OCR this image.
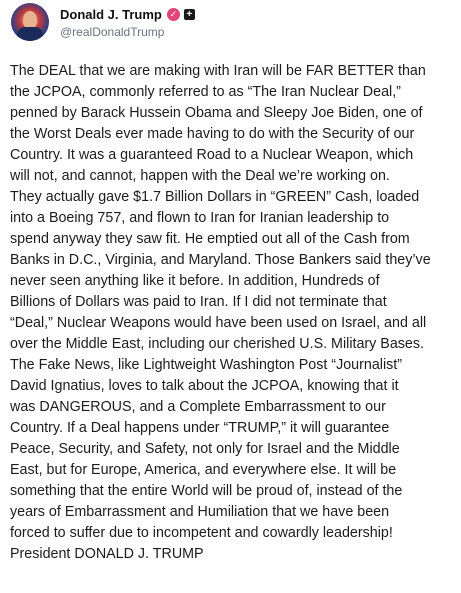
Donald J. Trump ✓ +
@realDonaldTrump

The DEAL that we are making with Iran will be FAR BETTER than
the JCPOA, commonly referred to as “The Iran Nuclear Deal,”
penned by Barack Hussein Obama and Sleepy Joe Biden, one of
the Worst Deals ever made having to do with the Security of our
Country. It was a guaranteed Road to a Nuclear Weapon, which
will not, and cannot, happen with the Deal we’re working on.
They actually gave $1.7 Billion Dollars in “GREEN” Cash, loaded
into a Boeing 757, and flown to Iran for Iranian leadership to
spend anyway they saw fit. He emptied out all of the Cash from
Banks in D.C., Virginia, and Maryland. Those Bankers said they’ve
never seen anything like it before. In addition, Hundreds of
Billions of Dollars was paid to Iran. If I did not terminate that
“Deal,” Nuclear Weapons would have been used on Israel, and all
over the Middle East, including our cherished U.S. Military Bases.
The Fake News, like Lightweight Washington Post “Journalist”
David Ignatius, loves to talk about the JCPOA, knowing that it
was DANGEROUS, and a Complete Embarrassment to our
Country. If a Deal happens under “TRUMP,” it will guarantee
Peace, Security, and Safety, not only for Israel and the Middle
East, but for Europe, America, and everywhere else. It will be
something that the entire World will be proud of, instead of the
years of Embarrassment and Humiliation that we have been
forced to suffer due to incompetent and cowardly leadership!
President DONALD J. TRUMP
